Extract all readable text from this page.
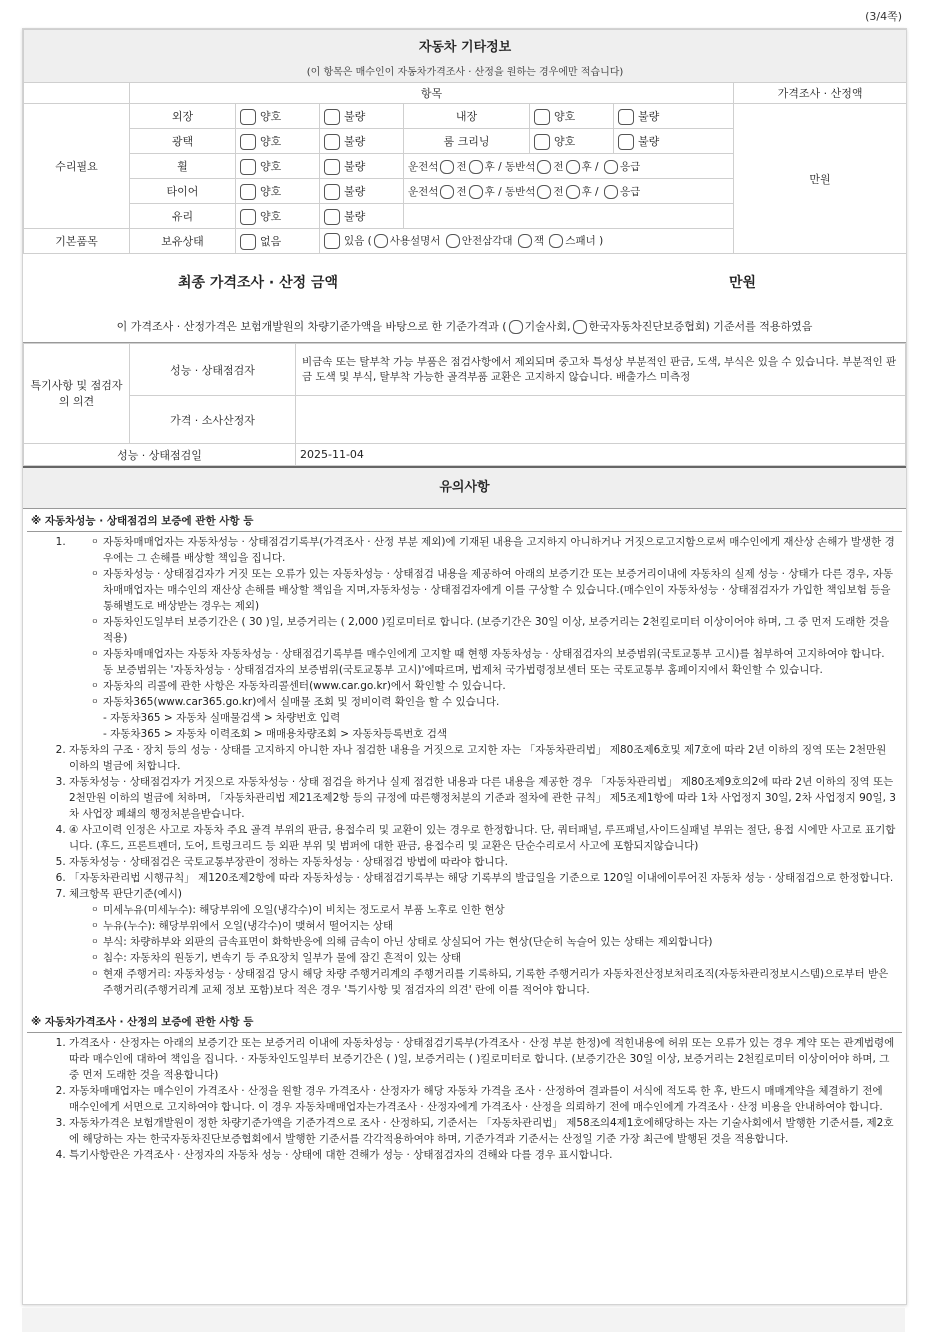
(3/4쪽)
자동차 기타정보
(이 항목은 매수인이 자동차가격조사 · 산정을 원하는 경우에만 적습니다)							

	항목						가격조사 · 산정액
수리필요	외장	양호	불량	내장	양호	불량	만원
	광택	양호	불량	룸 크리닝	양호	불량	
	휠	양호	불량	운전석 전 후 / 동반석 전 후 / 응급			
	타이어	양호	불량	운전석 전 후 / 동반석 전 후 / 응급			
	유리	양호	불량				
기본품목	보유상태	없음	있음 ( 사용설명서 안전삼각대 잭 스패너 )				
최종 가격조사 · 산정 금액	만원
이 가격조사 · 산정가격은 보험개발원의 차량기준가액을 바탕으로 한 기준가격과 ( 기술사회, 한국자동차진단보증협회) 기준서를 적용하였음
특기사항 및 점검자의 의견	성능 · 상태점검자	비금속 또는 탈부착 가능 부품은 점검사항에서 제외되며 중고차 특성상 부분적인 판금, 도색, 부식은 있을 수 있습니다. 부분적인 판금 도색 및 부식, 탈부착 가능한 골격부품 교환은 고지하지 않습니다. 배출가스 미측정
	가격 · 소사산정자	
성능 · 상태점검일		2025-11-04
유의사항
※ 자동차성능 · 상태점검의 보증에 관한 사항 등
ㅇ 1. 자동차매매업자는 자동차성능 · 상태점검기록부(가격조사 · 산정 부분 제외)에 기재된 내용을 고지하지 아니하거나 거짓으로고지함으로써 매수인에게 재산상 손해가 발생한 경우에는 그 손해를 배상할 책임을 집니다.
ㅇ 자동차성능 · 상태점검자가 거짓 또는 오류가 있는 자동차성능 · 상태점검 내용을 제공하여 아래의 보증기간 또는 보증거리이내에 자동차의 실제 성능 · 상태가 다른 경우, 자동차매매업자는 매수인의 재산상 손해를 배상할 책임을 지며,자동차성능 · 상태점검자에게 이를 구상할 수 있습니다.(매수인이 자동차성능 · 상태점검자가 가입한 책임보험 등을 통해별도로 배상받는 경우는 제외)
ㅇ 자동차인도일부터 보증기간은 ( 30 )일, 보증거리는 ( 2,000 )킬로미터로 합니다. (보증기간은 30일 이상, 보증거리는 2천킬로미터 이상이어야 하며, 그 중 먼저 도래한 것을 적용)
ㅇ 자동차매매업자는 자동차 자동차성능 · 상태점검기록부를 매수인에게 고지할 때 현행 자동차성능 · 상태점검자의 보증범위(국토교통부 고시)를 첨부하여 고지하여야 합니다. 동 보증범위는 '자동차성능 · 상태점검자의 보증범위(국토교통부 고시)'에따르며, 법제처 국가법령정보센터 또는 국토교통부 홈페이지에서 확인할 수 있습니다.
ㅇ 자동차의 리콜에 관한 사항은 자동차리콜센터(www.car.go.kr)에서 확인할 수 있습니다.
ㅇ 자동차365(www.car365.go.kr)에서 실매물 조회 및 정비이력 확인을 할 수 있습니다.
- 자동차365 > 자동차 실매물검색 > 차량번호 입력
- 자동차365 > 자동차 이력조회 > 매매용차량조회 > 자동차등록번호 검색
2. 자동차의 구조 · 장치 등의 성능 · 상태를 고지하지 아니한 자나 점검한 내용을 거짓으로 고지한 자는 「자동차관리법」 제80조제6호및 제7호에 따라 2년 이하의 징역 또는 2천만원 이하의 벌금에 처합니다.
3. 자동차성능 · 상태점검자가 거짓으로 자동차성능 · 상태 점검을 하거나 실제 점검한 내용과 다른 내용을 제공한 경우 「자동차관리법」 제80조제9호의2에 따라 2년 이하의 징역 또는 2천만원 이하의 벌금에 처하며, 「자동차관리법 제21조제2항 등의 규정에 따른행정처분의 기준과 절차에 관한 규칙」 제5조제1항에 따라 1차 사업정지 30일, 2차 사업정지 90일, 3차 사업장 폐쇄의 행정처분을받습니다.
4. ④ 사고이력 인정은 사고로 자동차 주요 골격 부위의 판금, 용접수리 및 교환이 있는 경우로 한정합니다. 단, 쿼터패널, 루프패널,사이드실패널 부위는 절단, 용접 시에만 사고로 표기합니다. (후드, 프론트펜더, 도어, 트렁크리드 등 외판 부위 및 범퍼에 대한 판금, 용접수리 및 교환은 단순수리로서 사고에 포함되지않습니다)
5. 자동차성능 · 상태점검은 국토교통부장관이 정하는 자동차성능 · 상태점검 방법에 따라야 합니다.
6. 「자동차관리법 시행규칙」 제120조제2항에 따라 자동차성능 · 상태점검기록부는 해당 기록부의 발급일을 기준으로 120일 이내에이루어진 자동차 성능 · 상태점검으로 한정합니다.
7. 체크항목 판단기준(예시)
ㅇ 미세누유(미세누수): 해당부위에 오일(냉각수)이 비치는 정도로서 부품 노후로 인한 현상
ㅇ 누유(누수): 해당부위에서 오일(냉각수)이 맺혀서 떨어지는 상태
ㅇ 부식: 차량하부와 외판의 금속표면이 화학반응에 의해 금속이 아닌 상태로 상실되어 가는 현상(단순히 녹슬어 있는 상태는 제외합니다)
ㅇ 침수: 자동차의 원동기, 변속기 등 주요장치 일부가 물에 잠긴 흔적이 있는 상태
ㅇ 현재 주행거리: 자동차성능 · 상태점검 당시 해당 차량 주행거리계의 주행거리를 기록하되, 기록한 주행거리가 자동차전산정보처리조직(자동차관리정보시스템)으로부터 받은 주행거리(주행거리계 교체 정보 포함)보다 적은 경우 '특기사항 및 점검자의 의견' 란에 이를 적어야 합니다.
※ 자동차가격조사 · 산정의 보증에 관한 사항 등
1. 가격조사 · 산정자는 아래의 보증기간 또는 보증거리 이내에 자동차성능 · 상태점검기록부(가격조사 · 산정 부분 한정)에 적힌내용에 허위 또는 오류가 있는 경우 계약 또는 관계법령에 따라 매수인에 대하여 책임을 집니다. · 자동차인도일부터 보증기간은 ( )일, 보증거리는 ( )킬로미터로 합니다. (보증기간은 30일 이상, 보증거리는 2천킬로미터 이상이어야 하며, 그 중 먼저 도래한 것을 적용합니다)
2. 자동차매매업자는 매수인이 가격조사 · 산정을 원할 경우 가격조사 · 산정자가 해당 자동차 가격을 조사 · 산정하여 결과를이 서식에 적도록 한 후, 반드시 매매계약을 체결하기 전에 매수인에게 서면으로 고지하여야 합니다. 이 경우 자동차매매업자는가격조사 · 산정자에게 가격조사 · 산정을 의뢰하기 전에 매수인에게 가격조사 · 산정 비용을 안내하여야 합니다.
3. 자동차가격은 보험개발원이 정한 차량기준가액을 기준가격으로 조사 · 산정하되, 기준서는 「자동차관리법」 제58조의4제1호에해당하는 자는 기술사회에서 발행한 기준서를, 제2호에 해당하는 자는 한국자동차진단보증협회에서 발행한 기준서를 각각적용하여야 하며, 기준가격과 기준서는 산정일 기준 가장 최근에 발행된 것을 적용합니다.
4. 특기사항란은 가격조사 · 산정자의 자동차 성능 · 상태에 대한 견해가 성능 · 상태점검자의 견해와 다를 경우 표시합니다.
